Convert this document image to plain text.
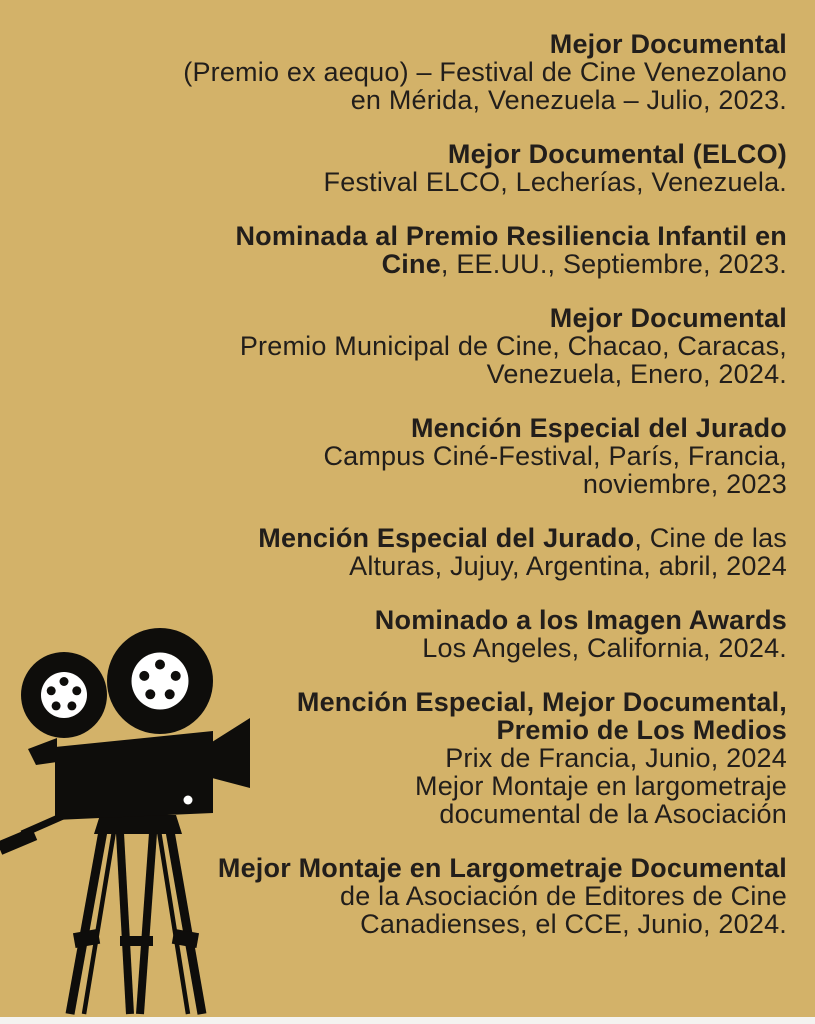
Mejor Documental
(Premio ex aequo) – Festival de Cine Venezolano
en Mérida, Venezuela – Julio, 2023.
Mejor Documental (ELCO)
Festival ELCO, Lecherías, Venezuela.
Nominada al Premio Resiliencia Infantil en
Cine, EE.UU., Septiembre, 2023.
Mejor Documental
Premio Municipal de Cine, Chacao, Caracas,
Venezuela, Enero, 2024.
Mención Especial del Jurado
Campus Ciné-Festival, París, Francia,
noviembre, 2023
Mención Especial del Jurado, Cine de las
Alturas, Jujuy, Argentina, abril, 2024
Nominado a los Imagen Awards
Los Angeles, California, 2024.
Mención Especial, Mejor Documental,
Premio de Los Medios
Prix de Francia, Junio, 2024
Mejor Montaje en largometraje
documental de la Asociación
Mejor Montaje en Largometraje Documental
de la Asociación de Editores de Cine
Canadienses, el CCE, Junio, 2024.
